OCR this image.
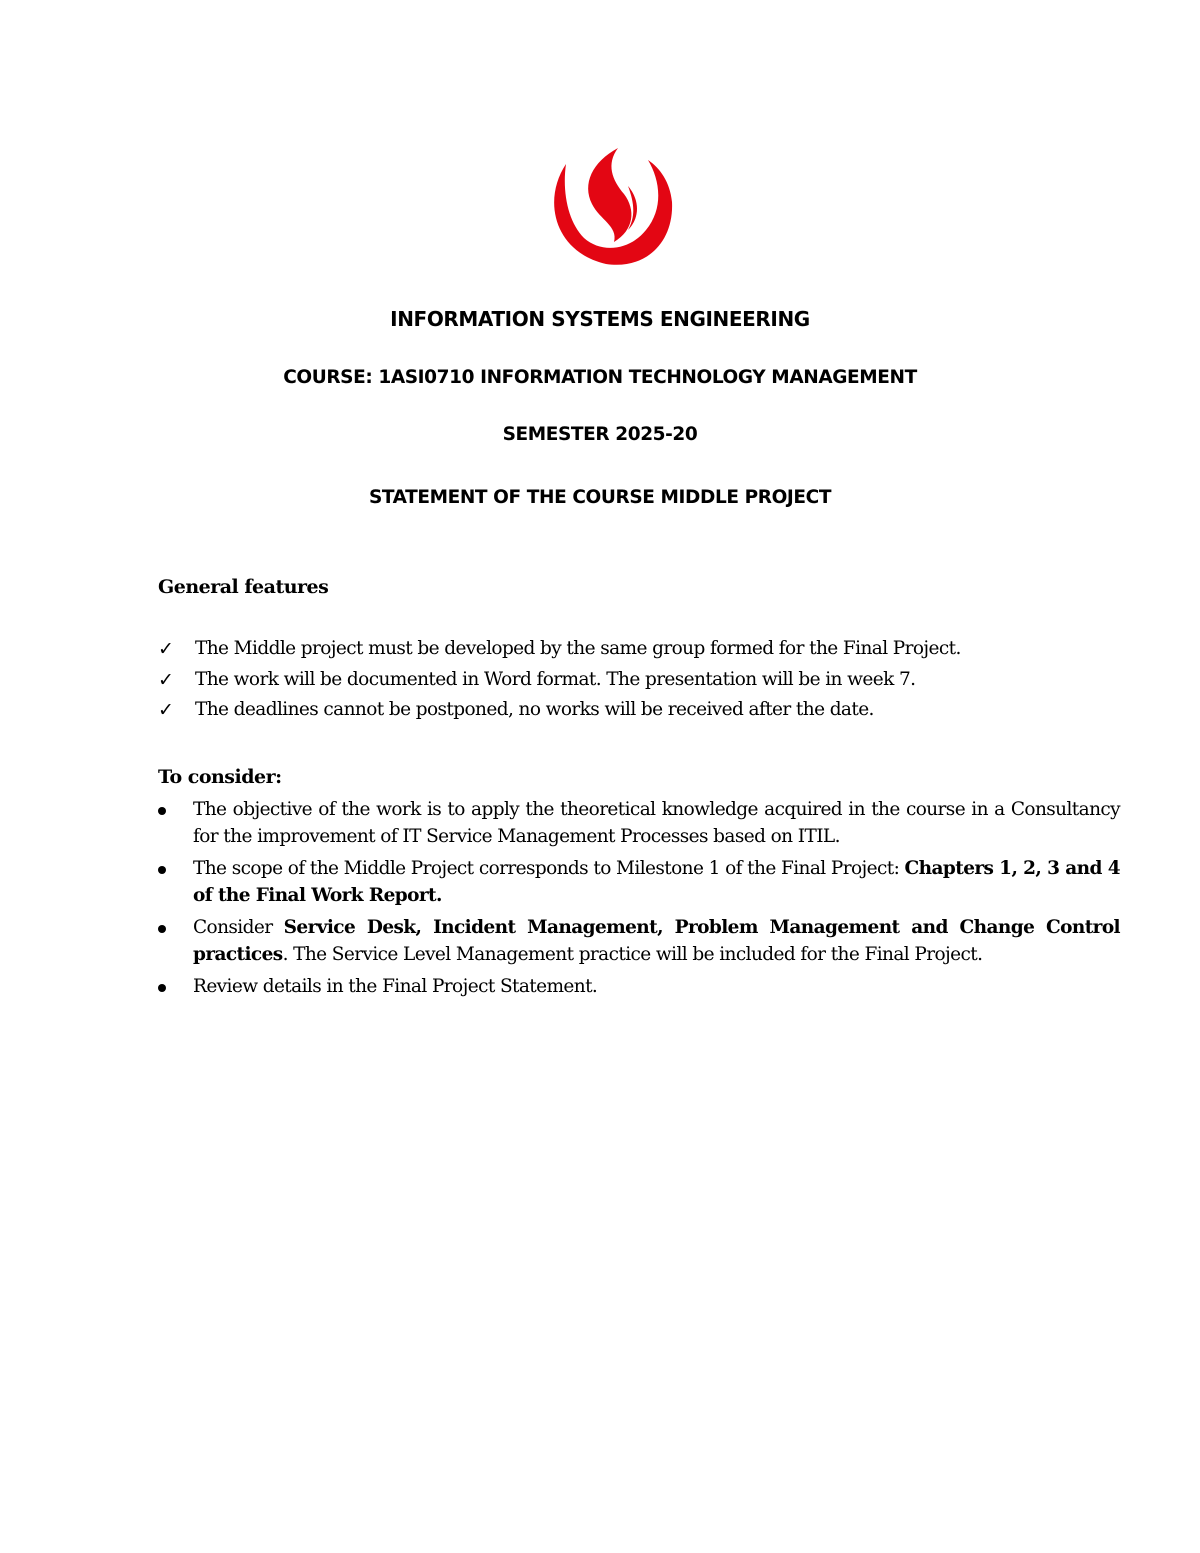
INFORMATION SYSTEMS ENGINEERING

COURSE: 1ASI0710 INFORMATION TECHNOLOGY MANAGEMENT

SEMESTER 2025-20

STATEMENT OF THE COURSE MIDDLE PROJECT

General features

✓ The Middle project must be developed by the same group formed for the Final Project.
✓ The work will be documented in Word format. The presentation will be in week 7.
✓ The deadlines cannot be postponed, no works will be received after the date.

To consider:

The objective of the work is to apply the theoretical knowledge acquired in the course in a Consultancy for the improvement of IT Service Management Processes based on ITIL.
The scope of the Middle Project corresponds to Milestone 1 of the Final Project: Chapters 1, 2, 3 and 4 of the Final Work Report.
Consider Service Desk, Incident Management, Problem Management and Change Control practices. The Service Level Management practice will be included for the Final Project.
Review details in the Final Project Statement.
